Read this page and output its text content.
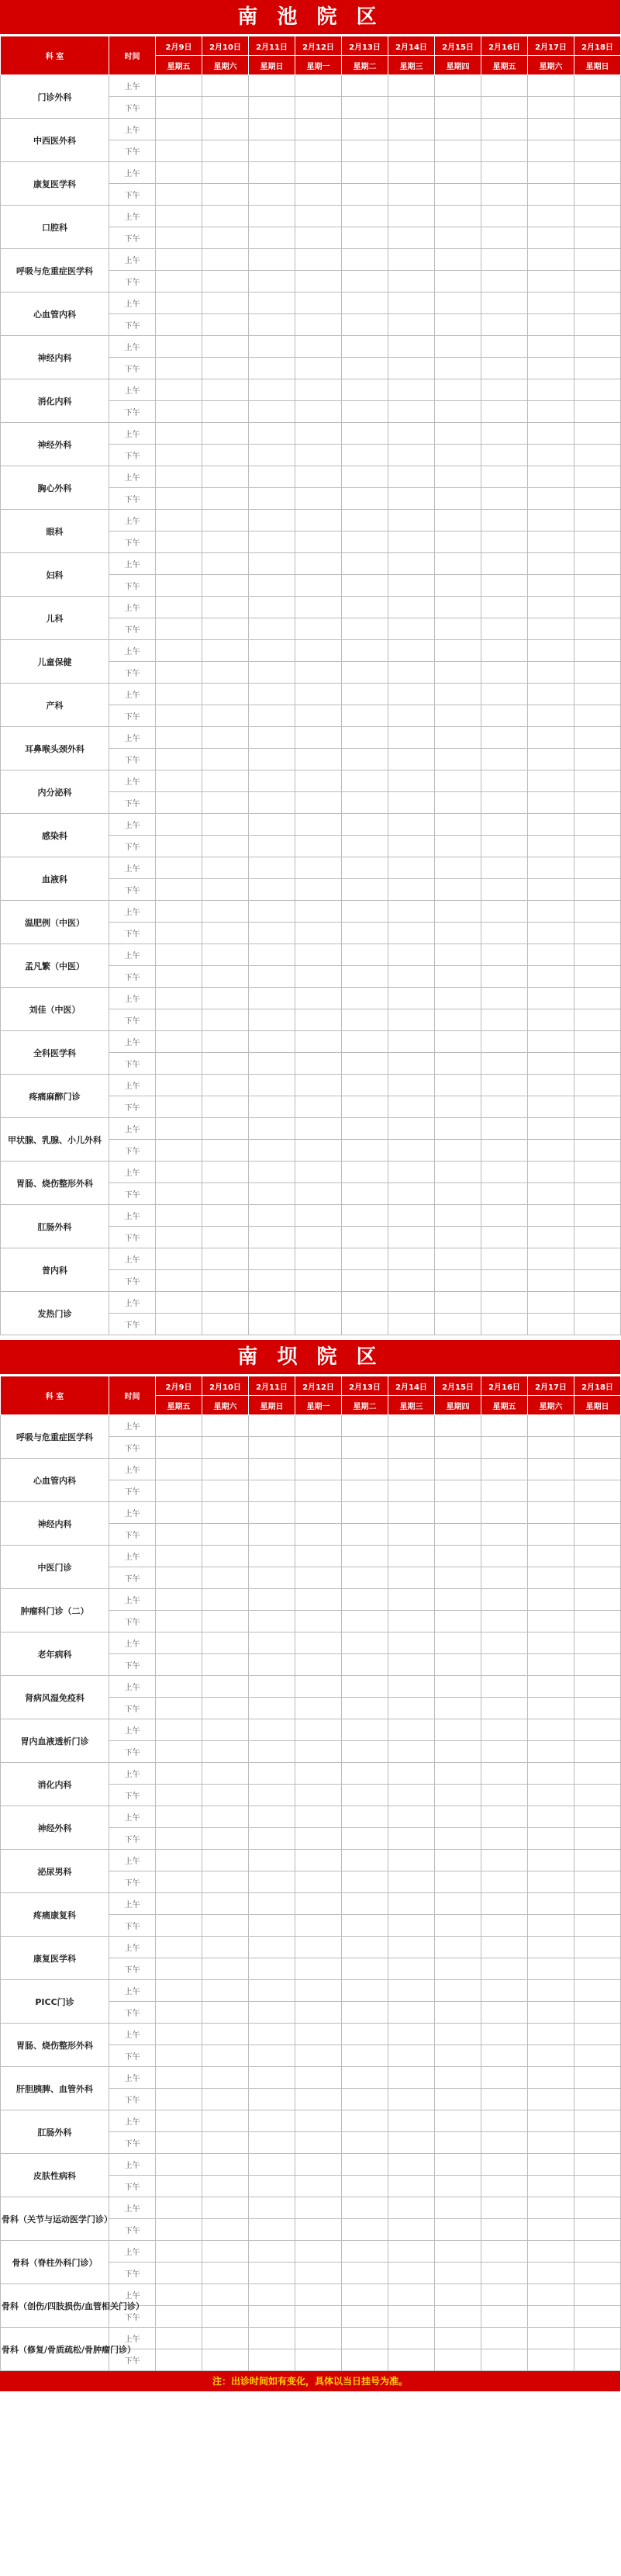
南 池 院 区
科 室	时间	2月9日	2月10日	2月11日	2月12日	2月13日	2月14日	2月15日	2月16日	2月17日	2月18日
		星期五	星期六	星期日	星期一	星期二	星期三	星期四	星期五	星期六	星期日
门诊外科	上午										
	下午										
中西医外科	上午										
	下午										
康复医学科	上午										
	下午										
口腔科	上午										
	下午										
呼吸与危重症医学科	上午										
	下午										
心血管内科	上午										
	下午										
神经内科	上午										
	下午										
消化内科	上午										
	下午										
神经外科	上午										
	下午										
胸心外科	上午										
	下午										
眼科	上午										
	下午										
妇科	上午										
	下午										
儿科	上午										
	下午										
儿童保健	上午										
	下午										
产科	上午										
	下午										
耳鼻喉头颈外科	上午										
	下午										
内分泌科	上午										
	下午										
感染科	上午										
	下午										
血液科	上午										
	下午										
温肥例（中医）	上午										
	下午										
孟凡繁（中医）	上午										
	下午										
刘佳（中医）	上午										
	下午										
全科医学科	上午										
	下午										
疼痛麻醉门诊	上午										
	下午										
甲状腺、乳腺、小儿外科	上午										
	下午										
胃肠、烧伤整形外科	上午										
	下午										
肛肠外科	上午										
	下午										
普内科	上午										
	下午										
发热门诊	上午										
	下午										
南 坝 院 区
科 室	时间	2月9日	2月10日	2月11日	2月12日	2月13日	2月14日	2月15日	2月16日	2月17日	2月18日
		星期五	星期六	星期日	星期一	星期二	星期三	星期四	星期五	星期六	星期日
呼吸与危重症医学科	上午										
	下午										
心血管内科	上午										
	下午										
神经内科	上午										
	下午										
中医门诊	上午										
	下午										
肿瘤科门诊（二）	上午										
	下午										
老年病科	上午										
	下午										
肾病风湿免疫科	上午										
	下午										
胃内血液透析门诊	上午										
	下午										
消化内科	上午										
	下午										
神经外科	上午										
	下午										
泌尿男科	上午										
	下午										
疼痛康复科	上午										
	下午										
康复医学科	上午										
	下午										
PICC门诊	上午										
	下午										
胃肠、烧伤整形外科	上午										
	下午										
肝胆胰脾、血管外科	上午										
	下午										
肛肠外科	上午										
	下午										
皮肤性病科	上午										
	下午										
骨科（关节与运动医学门诊）	上午										
	下午										
骨科（脊柱外科门诊）	上午										
	下午										
骨科（创伤/四肢损伤/血管相关门诊）	上午										
	下午										
骨科（修复/骨质疏松/骨肿瘤门诊）	上午										
	下午										
注：出诊时间如有变化，具体以当日挂号为准。
